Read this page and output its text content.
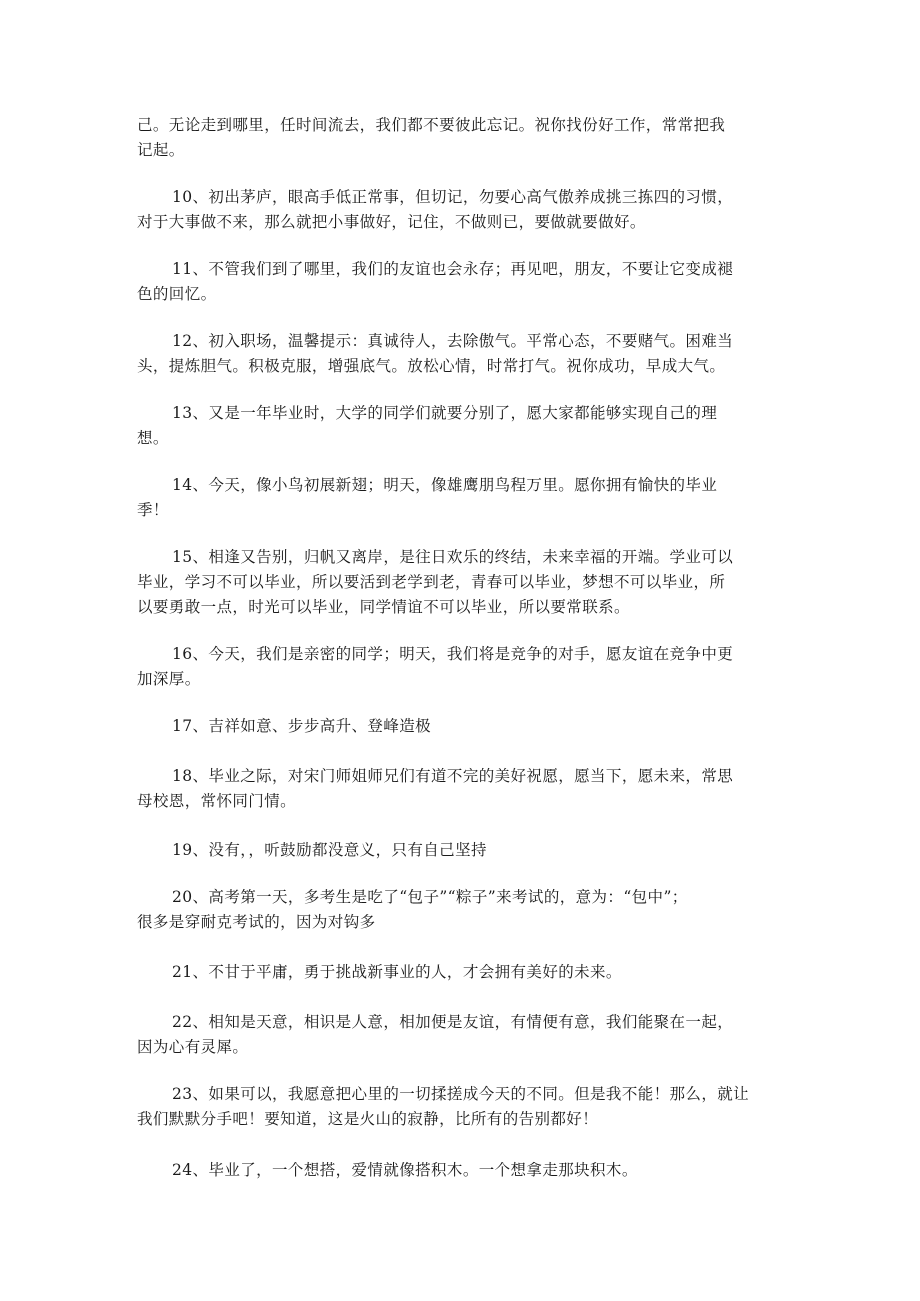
己。无论走到哪里，任时间流去，我们都不要彼此忘记。祝你找份好工作，常常把我
记起。
10、初出茅庐，眼高手低正常事，但切记，勿要心高气傲养成挑三拣四的习惯，
对于大事做不来，那么就把小事做好，记住，不做则已，要做就要做好。
11、不管我们到了哪里，我们的友谊也会永存；再见吧，朋友，不要让它变成褪
色的回忆。
12、初入职场，温馨提示：真诚待人，去除傲气。平常心态，不要赌气。困难当
头，提炼胆气。积极克服，增强底气。放松心情，时常打气。祝你成功，早成大气。
13、又是一年毕业时，大学的同学们就要分别了，愿大家都能够实现自己的理
想。
14、今天，像小鸟初展新翅；明天，像雄鹰朋鸟程万里。愿你拥有愉快的毕业
季！
15、相逢又告别，归帆又离岸，是往日欢乐的终结，未来幸福的开端。学业可以
毕业，学习不可以毕业，所以要活到老学到老，青春可以毕业，梦想不可以毕业，所
以要勇敢一点，时光可以毕业，同学情谊不可以毕业，所以要常联系。
16、今天，我们是亲密的同学；明天，我们将是竞争的对手，愿友谊在竞争中更
加深厚。
17、吉祥如意、步步高升、登峰造极
18、毕业之际，对宋门师姐师兄们有道不完的美好祝愿，愿当下，愿未来，常思
母校恩，常怀同门情。
19、没有，，听鼓励都没意义，只有自己坚持
20、高考第一天，多考生是吃了“包子”“粽子”来考试的，意为：“包中”；
很多是穿耐克考试的，因为对钩多
21、不甘于平庸，勇于挑战新事业的人，才会拥有美好的未来。
22、相知是天意，相识是人意，相加便是友谊，有情便有意，我们能聚在一起，
因为心有灵犀。
23、如果可以，我愿意把心里的一切揉搓成今天的不同。但是我不能！那么，就让
我们默默分手吧！要知道，这是火山的寂静，比所有的告别都好！
24、毕业了，一个想搭，爱情就像搭积木。一个想拿走那块积木。
